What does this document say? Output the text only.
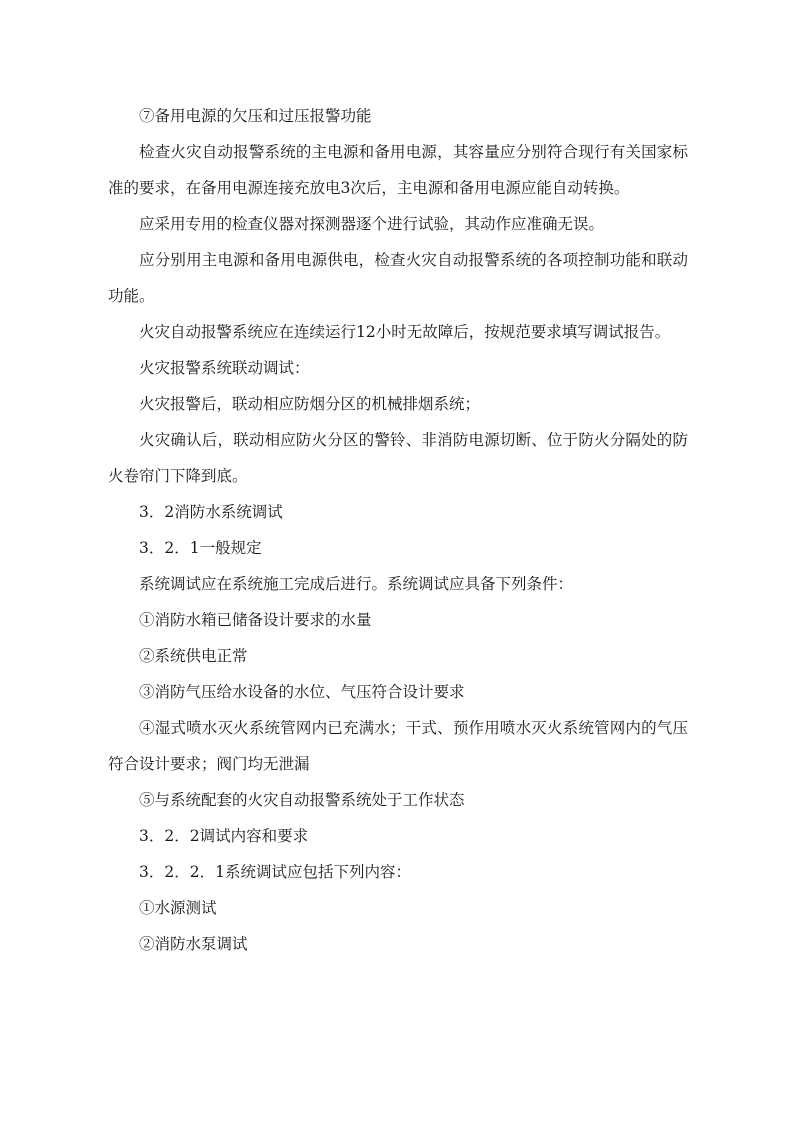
⑦备用电源的欠压和过压报警功能

检查火灾自动报警系统的主电源和备用电源，其容量应分别符合现行有关国家标准的要求，在备用电源连接充放电3次后，主电源和备用电源应能自动转换。

应采用专用的检查仪器对探测器逐个进行试验，其动作应准确无误。

应分别用主电源和备用电源供电，检查火灾自动报警系统的各项控制功能和联动功能。

火灾自动报警系统应在连续运行12小时无故障后，按规范要求填写调试报告。

火灾报警系统联动调试：

火灾报警后，联动相应防烟分区的机械排烟系统；

火灾确认后，联动相应防火分区的警铃、非消防电源切断、位于防火分隔处的防火卷帘门下降到底。

3．2消防水系统调试

3．2．1一般规定

系统调试应在系统施工完成后进行。系统调试应具备下列条件：

①消防水箱已储备设计要求的水量

②系统供电正常

③消防气压给水设备的水位、气压符合设计要求

④湿式喷水灭火系统管网内已充满水；干式、预作用喷水灭火系统管网内的气压符合设计要求；阀门均无泄漏

⑤与系统配套的火灾自动报警系统处于工作状态

3．2．2调试内容和要求

3．2．2．1系统调试应包括下列内容：

①水源测试

②消防水泵调试
